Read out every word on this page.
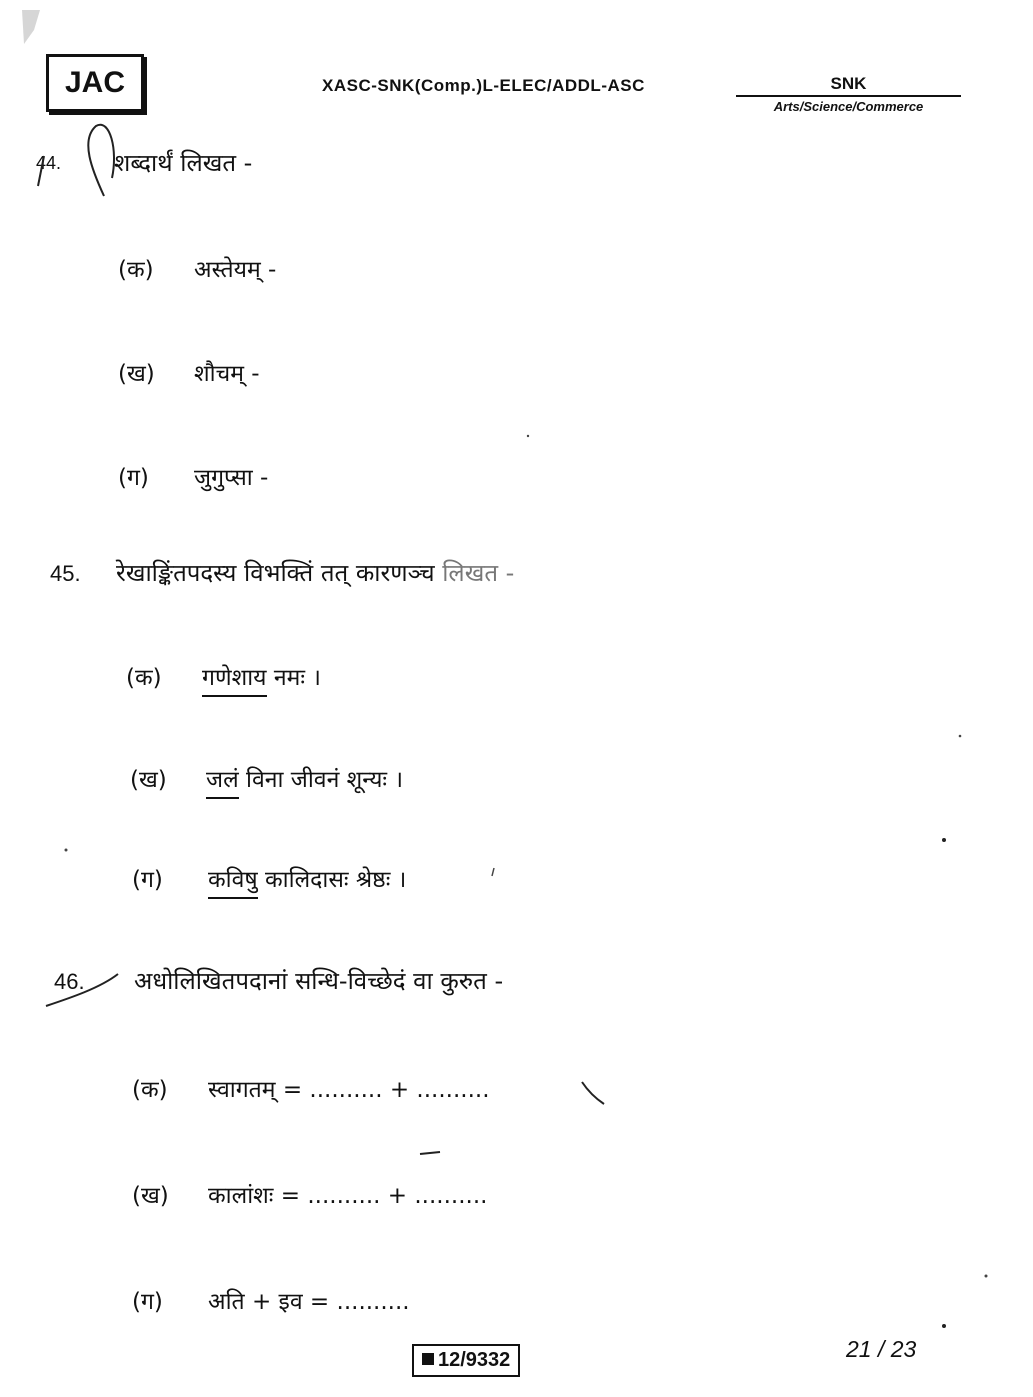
JAC	XASC-SNK(Comp.)L-ELEC/ADDL-ASC	SNK
Arts/Science/Commerce
44. शब्दार्थं लिखत -
(क) अस्तेयम् -
(ख) शौचम् -
(ग) जुगुप्सा -
45. रेखाङ्किंतपदस्य विभक्तिं तत् कारणञ्च लिखत -
(क) गणेशाय नमः ।
(ख) जलं विना जीवनं शून्यः ।
(ग) कविषु कालिदासः श्रेष्ठः ।
46. अधोलिखितपदानां सन्धि-विच्छेदं वा कुरुत -
(क) स्वागतम् = .......... + ..........
(ख) कालांशः = .......... + ..........
(ग) अति + इव = ..........
12/9332	21 / 23
